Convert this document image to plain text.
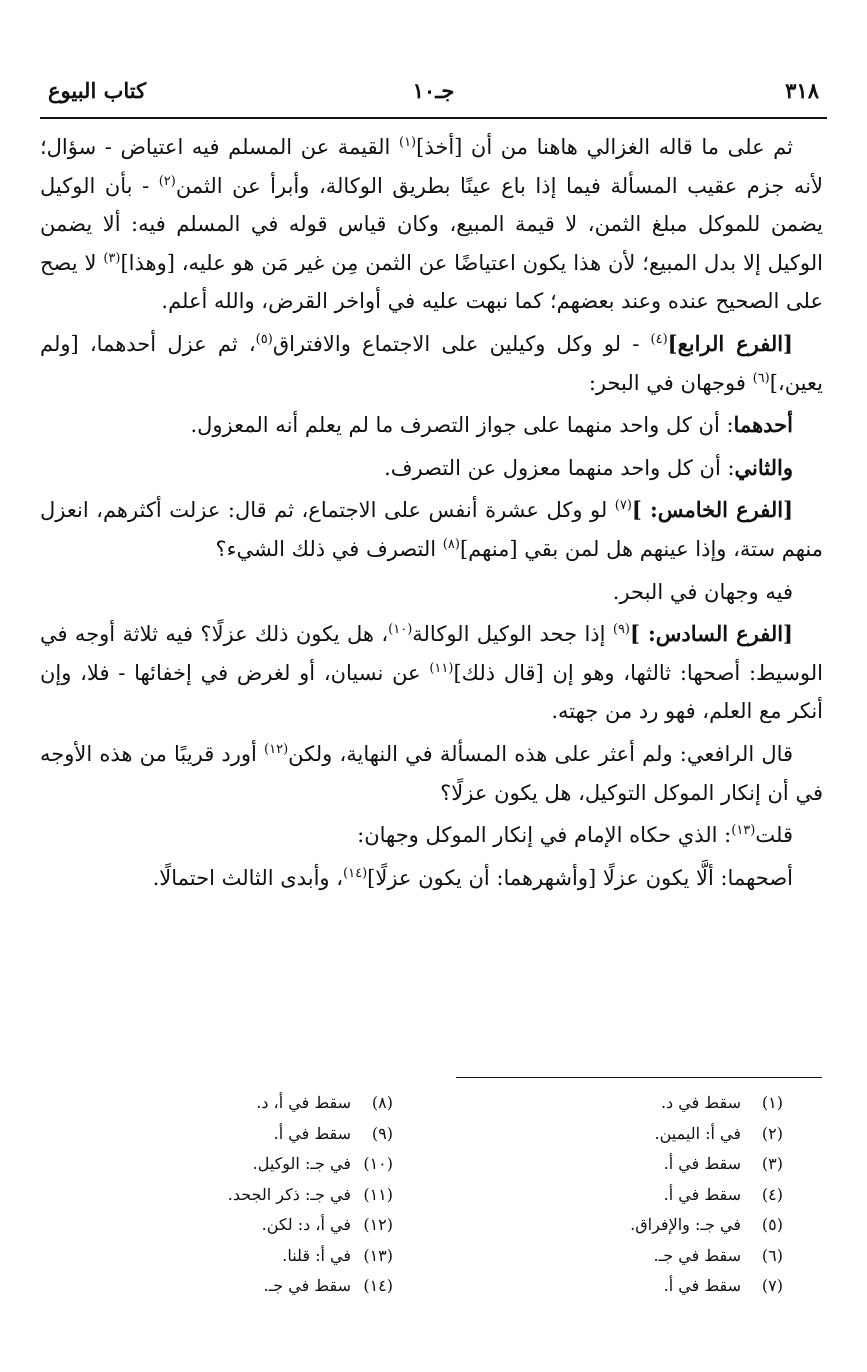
٣١٨
جـ١٠
كتاب البيوع

ثم على ما قاله الغزالي هاهنا من أن [أخذ]$^{(١)}$ القيمة عن المسلم فيه اعتياض - سؤال؛ لأنه جزم عقيب المسألة فيما إذا باع عينًا بطريق الوكالة، وأبرأ عن الثمن$^{(٢)}$ - بأن الوكيل يضمن للموكل مبلغ الثمن، لا قيمة المبيع، وكان قياس قوله في المسلم فيه: ألا يضمن الوكيل إلا بدل المبيع؛ لأن هذا يكون اعتياضًا عن الثمن مِن غير مَن هو عليه، [وهذا]$^{(٣)}$ لا يصح على الصحيح عنده وعند بعضهم؛ كما نبهت عليه في أواخر القرض، والله أعلم.

[الفرع الرابع]$^{(٤)}$ - لو وكل وكيلين على الاجتماع والافتراق$^{(٥)}$، ثم عزل أحدهما، [ولم يعين،]$^{(٦)}$ فوجهان في البحر:

أحدهما: أن كل واحد منهما على جواز التصرف ما لم يعلم أنه المعزول.

والثاني: أن كل واحد منهما معزول عن التصرف.

[الفرع الخامس: ]$^{(٧)}$ لو وكل عشرة أنفس على الاجتماع، ثم قال: عزلت أكثرهم، انعزل منهم ستة، وإذا عينهم هل لمن بقي [منهم]$^{(٨)}$ التصرف في ذلك الشيء؟

فيه وجهان في البحر.

[الفرع السادس: ]$^{(٩)}$ إذا جحد الوكيل الوكالة$^{(١٠)}$، هل يكون ذلك عزلًا؟ فيه ثلاثة أوجه في الوسيط: أصحها: ثالثها، وهو إن [قال ذلك]$^{(١١)}$ عن نسيان، أو لغرض في إخفائها - فلا، وإن أنكر مع العلم، فهو رد من جهته.

قال الرافعي: ولم أعثر على هذه المسألة في النهاية، ولكن$^{(١٢)}$ أورد قريبًا من هذه الأوجه في أن إنكار الموكل التوكيل، هل يكون عزلًا؟

قلت$^{(١٣)}$: الذي حكاه الإمام في إنكار الموكل وجهان:

أصحهما: ألَّا يكون عزلًا [وأشهرهما: أن يكون عزلًا]$^{(١٤)}$، وأبدى الثالث احتمالًا.

(١)سقط في د.
(٢)في أ: اليمين.
(٣)سقط في أ.
(٤)سقط في أ.
(٥)في جـ: والإفراق.
(٦)سقط في جـ.
(٧)سقط في أ.
(٨)سقط في أ، د.
(٩)سقط في أ.
(١٠)في جـ: الوكيل.
(١١)في جـ: ذكر الجحد.
(١٢)في أ، د: لكن.
(١٣)في أ: قلنا.
(١٤)سقط في جـ.
